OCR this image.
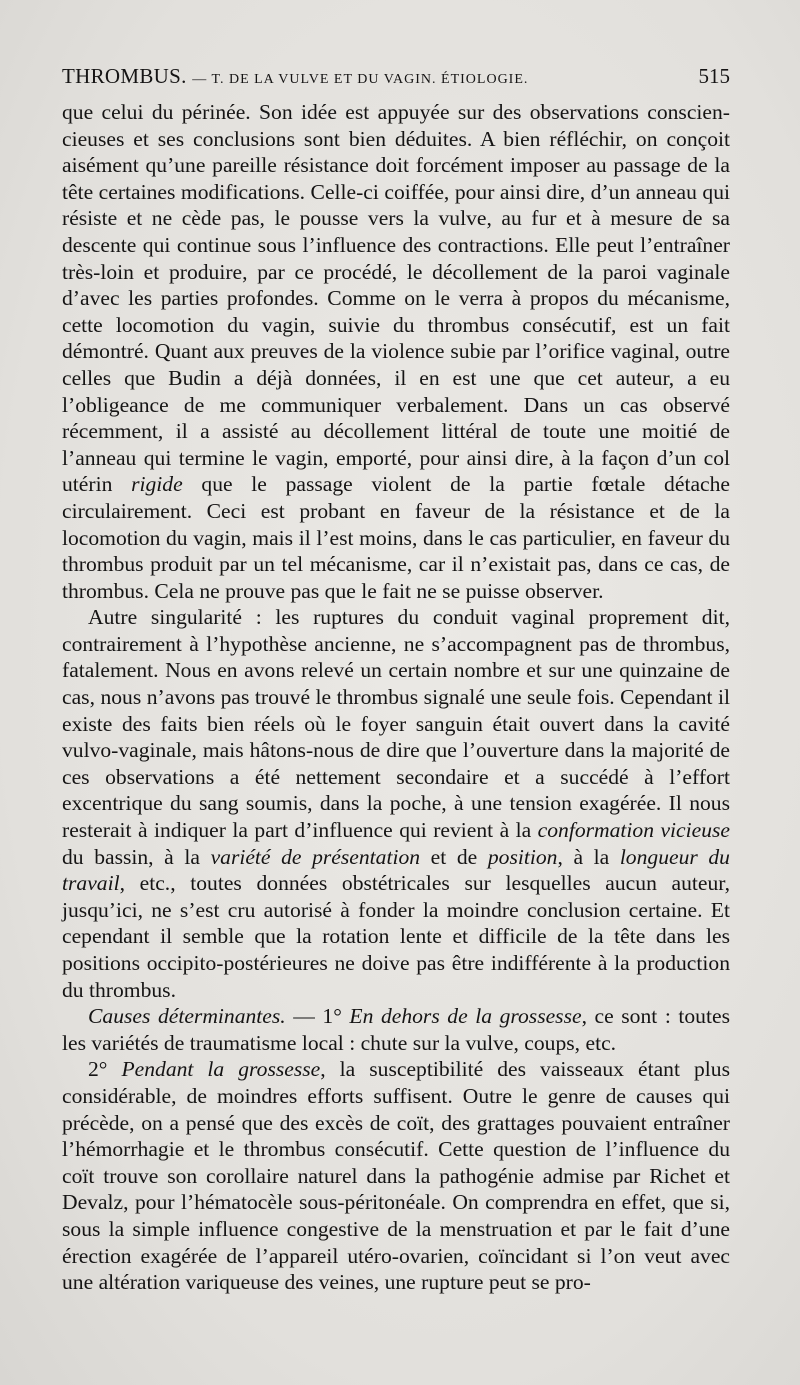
THROMBUS. — T. DE LA VULVE ET DU VAGIN. ÉTIOLOGIE.	515

que celui du périnée. Son idée est appuyée sur des observations consciencieuses et ses conclusions sont bien déduites. A bien réfléchir, on conçoit aisément qu’une pareille résistance doit forcément imposer au passage de la tête certaines modifications. Celle-ci coiffée, pour ainsi dire, d’un anneau qui résiste et ne cède pas, le pousse vers la vulve, au fur et à mesure de sa descente qui continue sous l’influence des contractions. Elle peut l’entraîner très-loin et produire, par ce procédé, le décollement de la paroi vaginale d’avec les parties profondes. Comme on le verra à propos du mécanisme, cette locomotion du vagin, suivie du thrombus consécutif, est un fait démontré. Quant aux preuves de la violence subie par l’orifice vaginal, outre celles que Budin a déjà données, il en est une que cet auteur, a eu l’obligeance de me communiquer verbalement. Dans un cas observé récemment, il a assisté au décollement littéral de toute une moitié de l’anneau qui termine le vagin, emporté, pour ainsi dire, à la façon d’un col utérin rigide que le passage violent de la partie fœtale détache circulairement. Ceci est probant en faveur de la résistance et de la locomotion du vagin, mais il l’est moins, dans le cas particulier, en faveur du thrombus produit par un tel mécanisme, car il n’existait pas, dans ce cas, de thrombus. Cela ne prouve pas que le fait ne se puisse observer.

Autre singularité : les ruptures du conduit vaginal proprement dit, contrairement à l’hypothèse ancienne, ne s’accompagnent pas de thrombus, fatalement. Nous en avons relevé un certain nombre et sur une quinzaine de cas, nous n’avons pas trouvé le thrombus signalé une seule fois. Cependant il existe des faits bien réels où le foyer sanguin était ouvert dans la cavité vulvo-vaginale, mais hâtons-nous de dire que l’ouverture dans la majorité de ces observations a été nettement secondaire et a succédé à l’effort excentrique du sang soumis, dans la poche, à une tension exagérée. Il nous resterait à indiquer la part d’influence qui revient à la conformation vicieuse du bassin, à la variété de présentation et de position, à la longueur du travail, etc., toutes données obstétricales sur lesquelles aucun auteur, jusqu’ici, ne s’est cru autorisé à fonder la moindre conclusion certaine. Et cependant il semble que la rotation lente et difficile de la tête dans les positions occipito-postérieures ne doive pas être indifférente à la production du thrombus.

Causes déterminantes. — 1° En dehors de la grossesse, ce sont : toutes les variétés de traumatisme local : chute sur la vulve, coups, etc.

2° Pendant la grossesse, la susceptibilité des vaisseaux étant plus considérable, de moindres efforts suffisent. Outre le genre de causes qui précède, on a pensé que des excès de coït, des grattages pouvaient entraîner l’hémorrhagie et le thrombus consécutif. Cette question de l’influence du coït trouve son corollaire naturel dans la pathogénie admise par Richet et Devalz, pour l’hématocèle sous-péritonéale. On comprendra en effet, que si, sous la simple influence congestive de la menstruation et par le fait d’une érection exagérée de l’appareil utéro-ovarien, coïncidant si l’on veut avec une altération variqueuse des veines, une rupture peut se pro-
